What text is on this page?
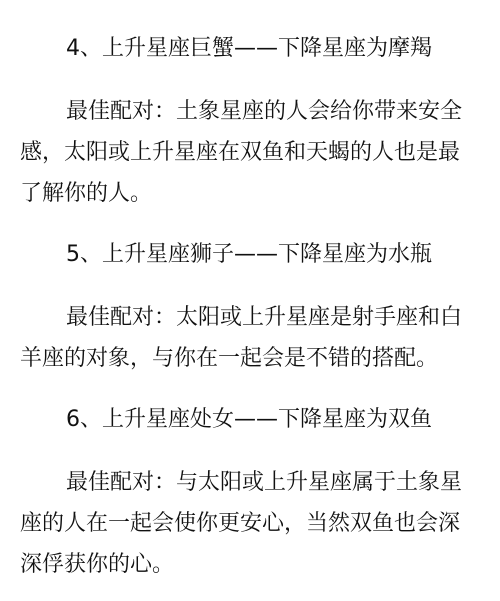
4、上升星座巨蟹——下降星座为摩羯
最佳配对：土象星座的人会给你带来安全
感，太阳或上升星座在双鱼和天蝎的人也是最
了解你的人。
5、上升星座狮子——下降星座为水瓶
最佳配对：太阳或上升星座是射手座和白
羊座的对象，与你在一起会是不错的搭配。
6、上升星座处女——下降星座为双鱼
最佳配对：与太阳或上升星座属于土象星
座的人在一起会使你更安心，当然双鱼也会深
深俘获你的心。
